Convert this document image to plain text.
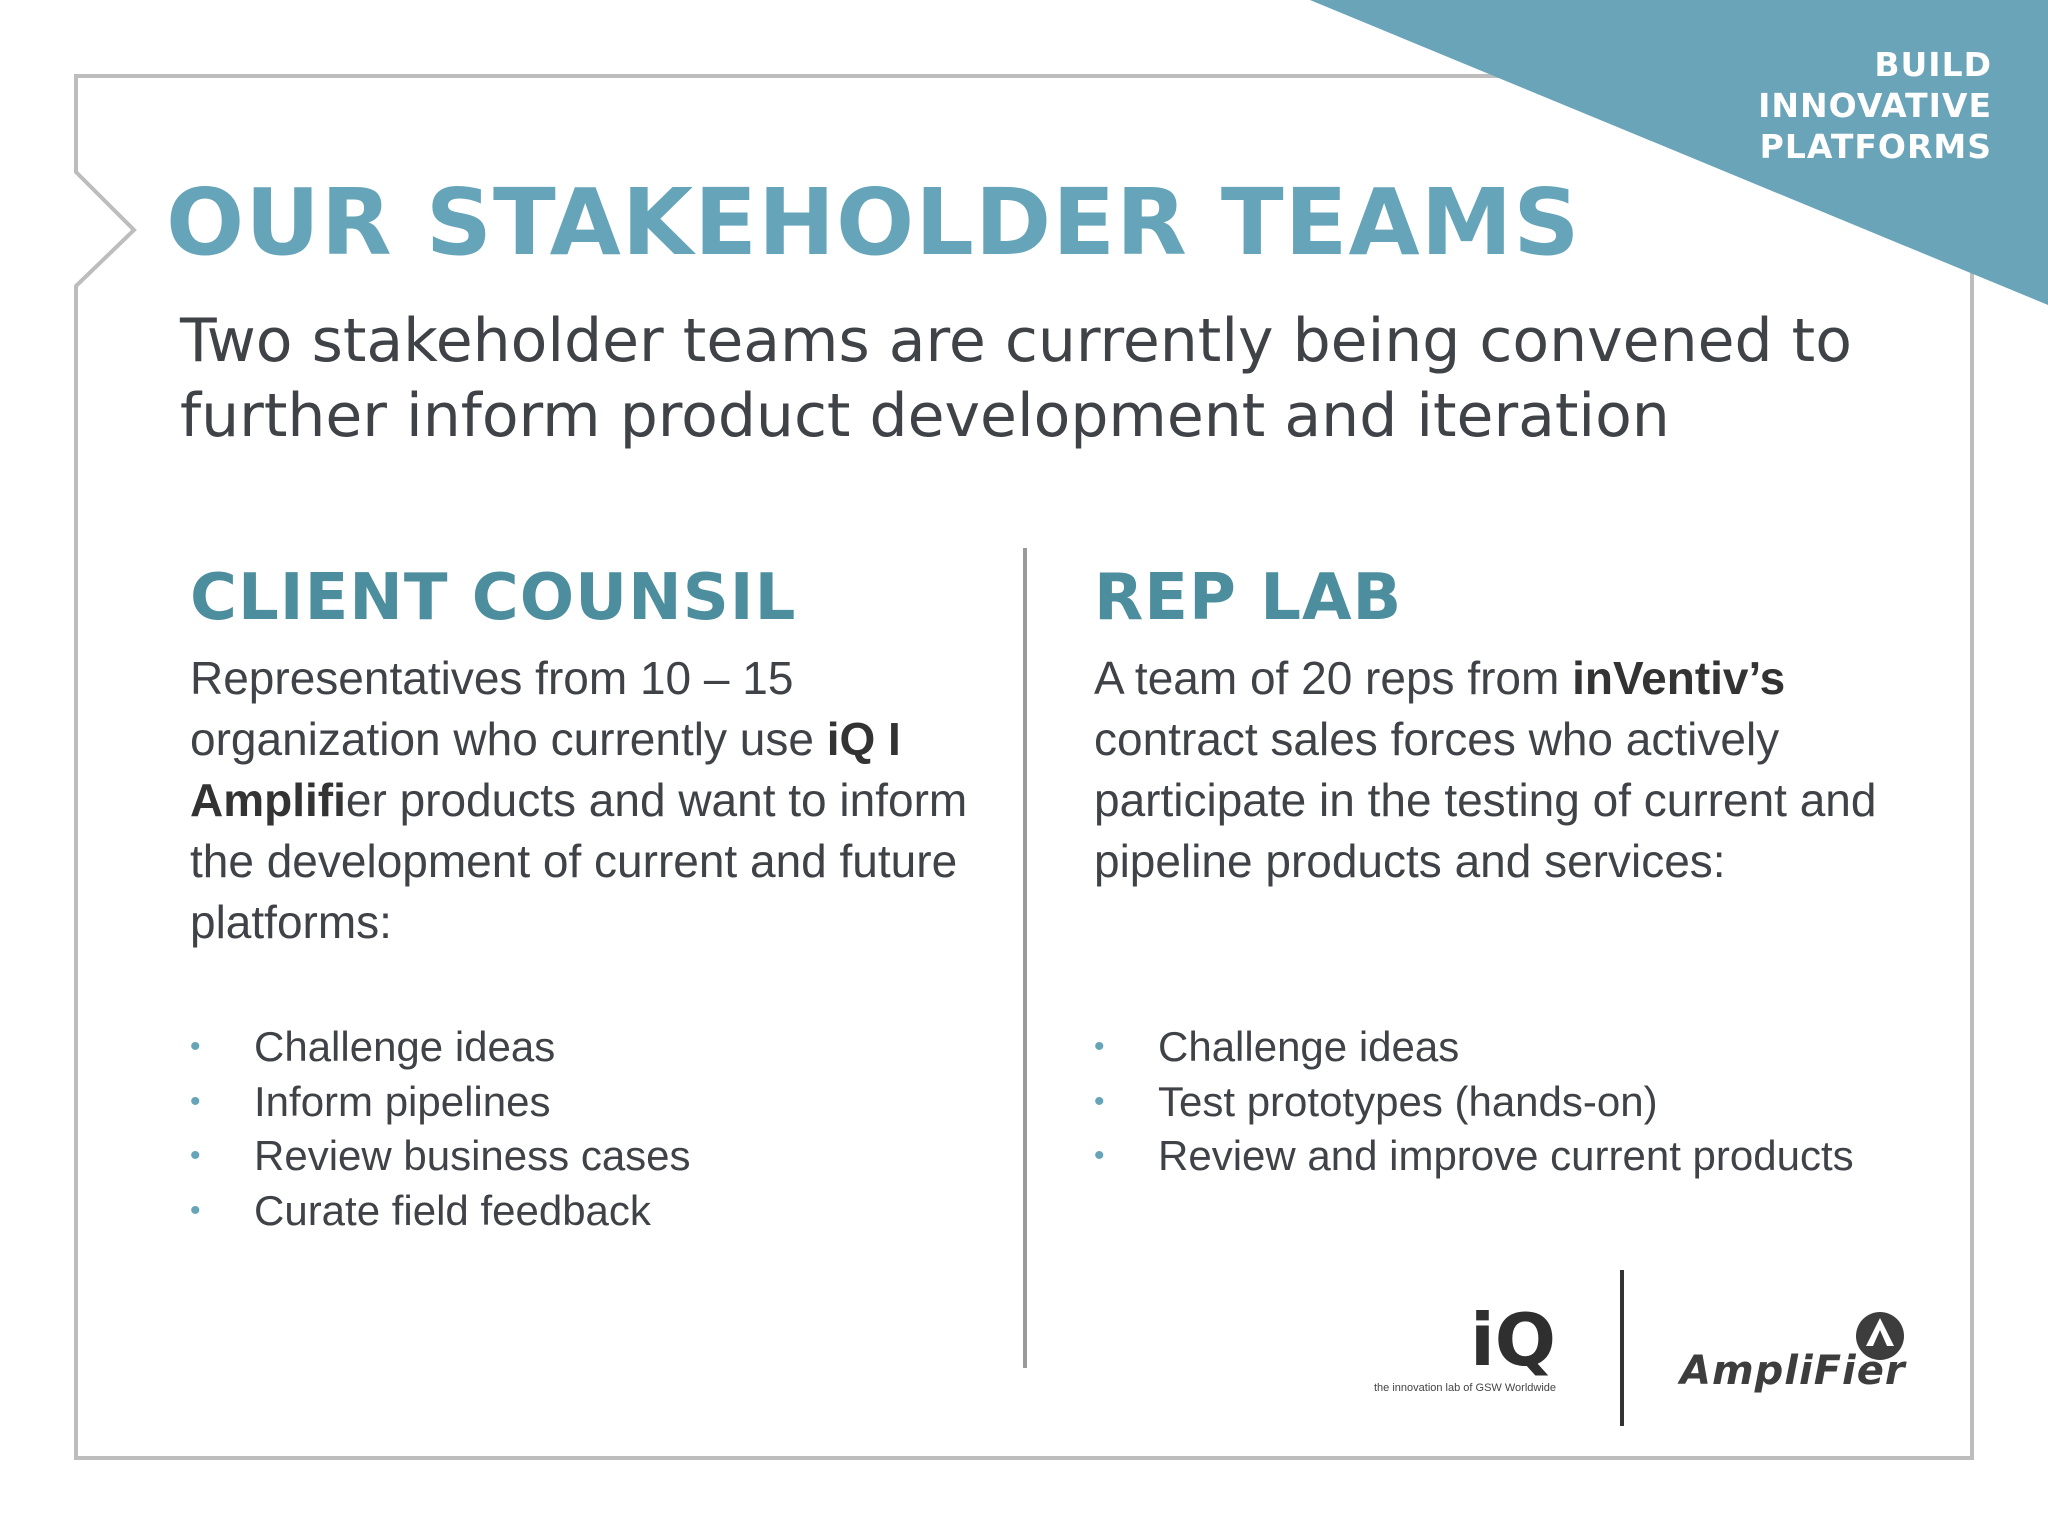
BUILD
INNOVATIVE
PLATFORMS
OUR STAKEHOLDER TEAMS

Two stakeholder teams are currently being convened to further inform product development and iteration

CLIENT COUNSIL

Representatives from 10 – 15 organization who currently use iQ I Amplifier products and want to inform the development of current and future platforms:

• Challenge ideas
• Inform pipelines
• Review business cases
• Curate field feedback
REP LAB

A team of 20 reps from inVentiv’s contract sales forces who actively participate in the testing of current and pipeline products and services:

• Challenge ideas
• Test prototypes (hands-on)
• Review and improve current products
iQ
the innovation lab of GSW Worldwide	AmpliFier
